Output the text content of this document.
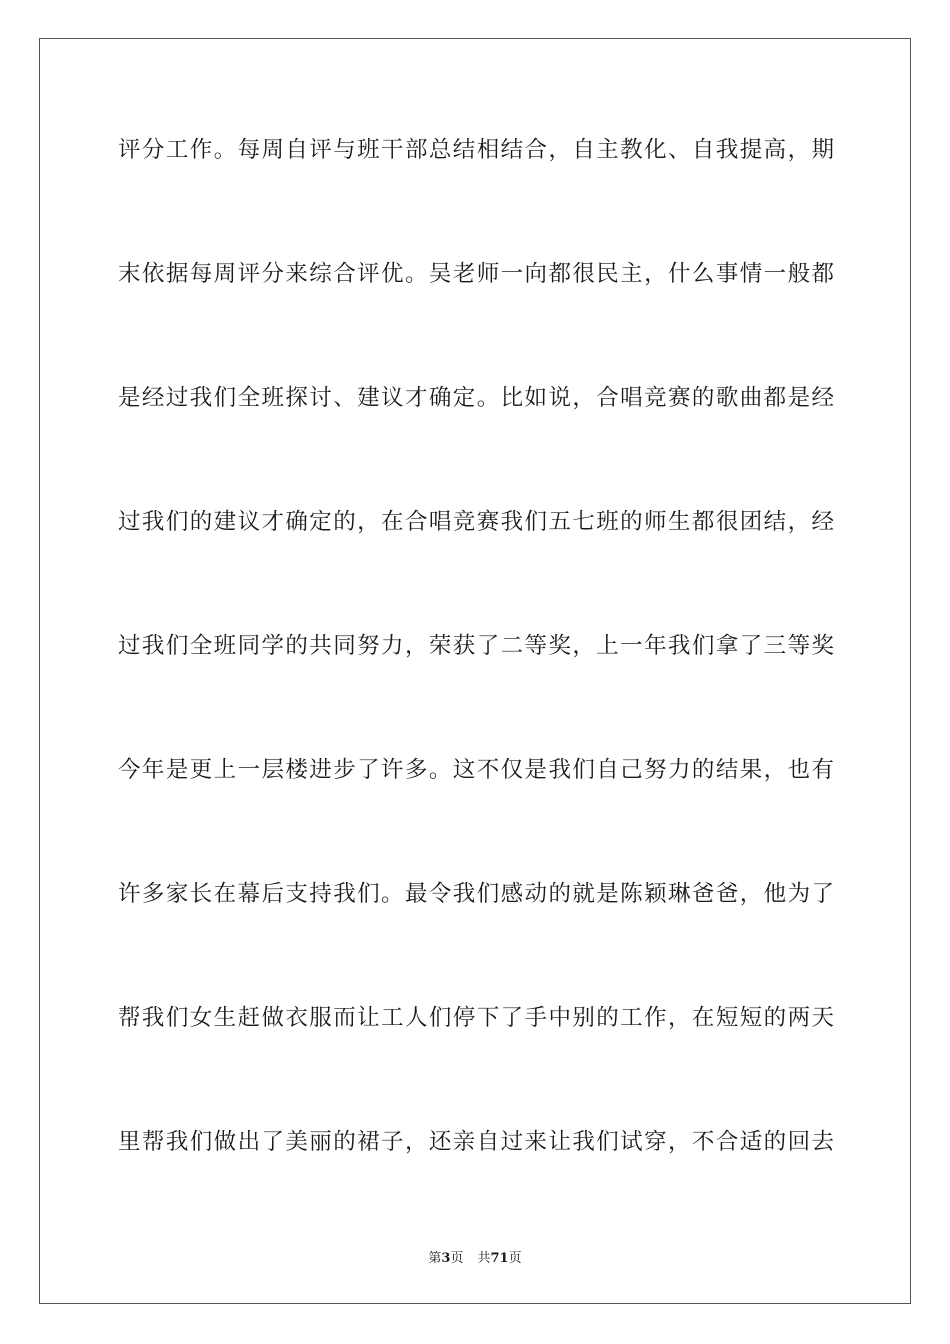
评分工作。每周自评与班干部总结相结合，自主教化、自我提高，期
末依据每周评分来综合评优。吴老师一向都很民主，什么事情一般都
是经过我们全班探讨、建议才确定。比如说，合唱竞赛的歌曲都是经
过我们的建议才确定的，在合唱竞赛我们五七班的师生都很团结，经
过我们全班同学的共同努力，荣获了二等奖，上一年我们拿了三等奖
今年是更上一层楼进步了许多。这不仅是我们自己努力的结果，也有
许多家长在幕后支持我们。最令我们感动的就是陈颖琳爸爸，他为了
帮我们女生赶做衣服而让工人们停下了手中别的工作，在短短的两天
里帮我们做出了美丽的裙子，还亲自过来让我们试穿，不合适的回去
第3页 共71页
